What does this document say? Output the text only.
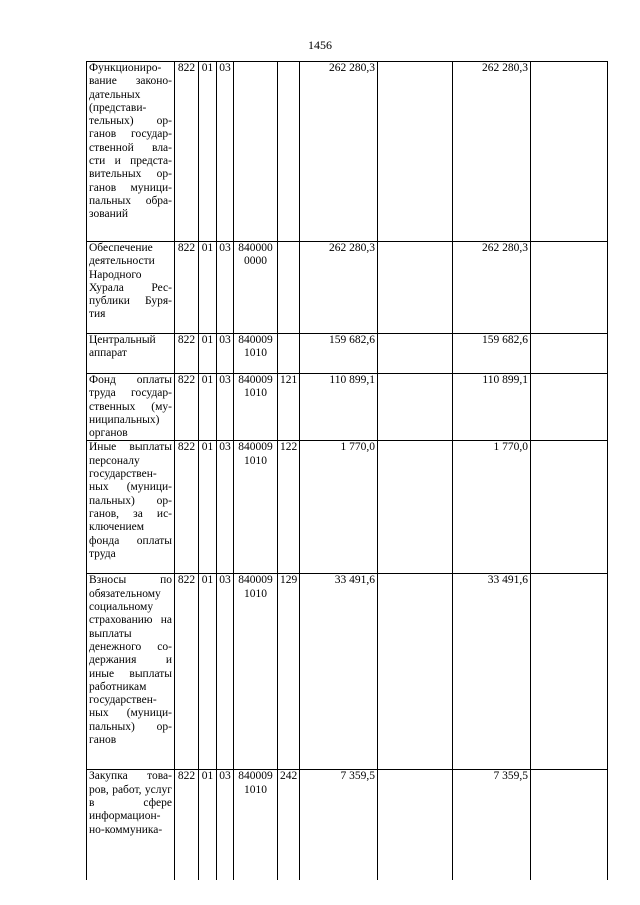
1456
Функциониро-вание законо-дательных (представи-тельных) ор-ганов государ-ственной вла-сти и предста-вительных ор-ганов муници-пальных обра-зований	822	01	03			262 280,3		262 280,3	
Обеспечение деятельности Народного Хурала Рес-публики Буря-тия	822	01	03	840000 0000		262 280,3		262 280,3	
Центральный аппарат	822	01	03	840009 1010		159 682,6		159 682,6	
Фонд оплаты труда государ-ственных (му-ниципальных) органов	822	01	03	840009 1010	121	110 899,1		110 899,1	
Иные выплаты персоналу государствен-ных (муници-пальных) ор-ганов, за ис-ключением фонда оплаты труда	822	01	03	840009 1010	122	1 770,0		1 770,0	
Взносы по обязательному социальному страхованию на выплаты денежного со-держания и иные выплаты работникам государствен-ных (муници-пальных) ор-ганов	822	01	03	840009 1010	129	33 491,6		33 491,6	
Закупка това-ров, работ, услуг в сфере информацион-но-коммуника-	822	01	03	840009 1010	242	7 359,5		7 359,5	
